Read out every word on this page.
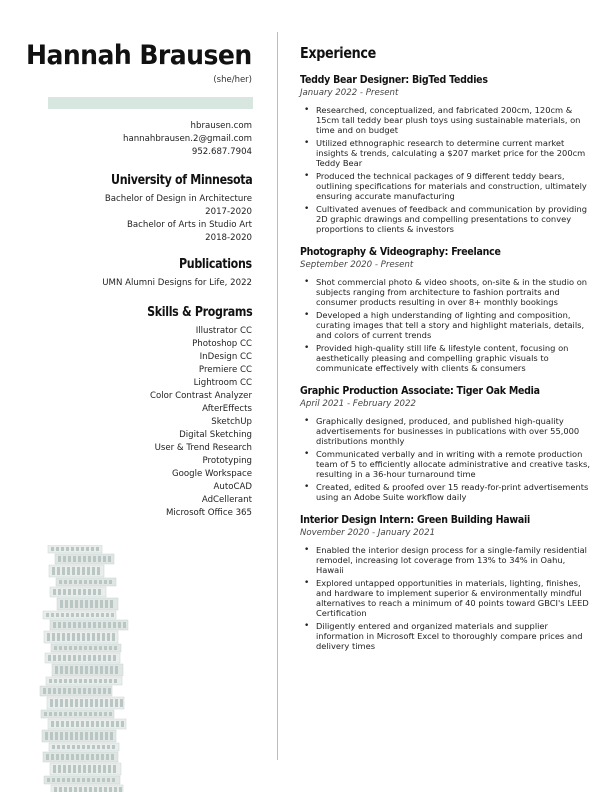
Hannah Brausen
(she/her)
hbrausen.com
hannahbrausen.2@gmail.com
952.687.7904
University of Minnesota
Bachelor of Design in Architecture
2017-2020
Bachelor of Arts in Studio Art
2018-2020
Publications
UMN Alumni Designs for Life, 2022
Skills & Programs
Illustrator CC
Photoshop CC
InDesign CC
Premiere CC
Lightroom CC
Color Contrast Analyzer
AfterEffects
SketchUp
Digital Sketching
User & Trend Research
Prototyping
Google Workspace
AutoCAD
AdCellerant
Microsoft Office 365
Experience
Teddy Bear Designer: BigTed Teddies
January 2022 - Present
• Researched, conceptualized, and fabricated 200cm, 120cm & 15cm tall teddy bear plush toys using sustainable materials, on time and on budget
• Utilized ethnographic research to determine current market insights & trends, calculating a $207 market price for the 200cm Teddy Bear
• Produced the technical packages of 9 different teddy bears, outlining specifications for materials and construction, ultimately ensuring accurate manufacturing
• Cultivated avenues of feedback and communication by providing 2D graphic drawings and compelling presentations to convey proportions to clients & investors
Photography & Videography: Freelance
September 2020 - Present
• Shot commercial photo & video shoots, on-site & in the studio on subjects ranging from architecture to fashion portraits and consumer products resulting in over 8+ monthly bookings
• Developed a high understanding of lighting and composition, curating images that tell a story and highlight materials, details, and colors of current trends
• Provided high-quality still life & lifestyle content, focusing on aesthetically pleasing and compelling graphic visuals to communicate effectively with clients & consumers
Graphic Production Associate: Tiger Oak Media
April 2021 - February 2022
• Graphically designed, produced, and published high-quality advertisements for businesses in publications with over 55,000 distributions monthly
• Communicated verbally and in writing with a remote production team of 5 to efficiently allocate administrative and creative tasks, resulting in a 36-hour turnaround time
• Created, edited & proofed over 15 ready-for-print advertisements using an Adobe Suite workflow daily
Interior Design Intern: Green Building Hawaii
November 2020 - January 2021
• Enabled the interior design process for a single-family residential remodel, increasing lot coverage from 13% to 34% in Oahu, Hawaii
• Explored untapped opportunities in materials, lighting, finishes, and hardware to implement superior & environmentally mindful alternatives to reach a minimum of 40 points toward GBCI's LEED Certification
• Diligently entered and organized materials and supplier information in Microsoft Excel to thoroughly compare prices and delivery times
